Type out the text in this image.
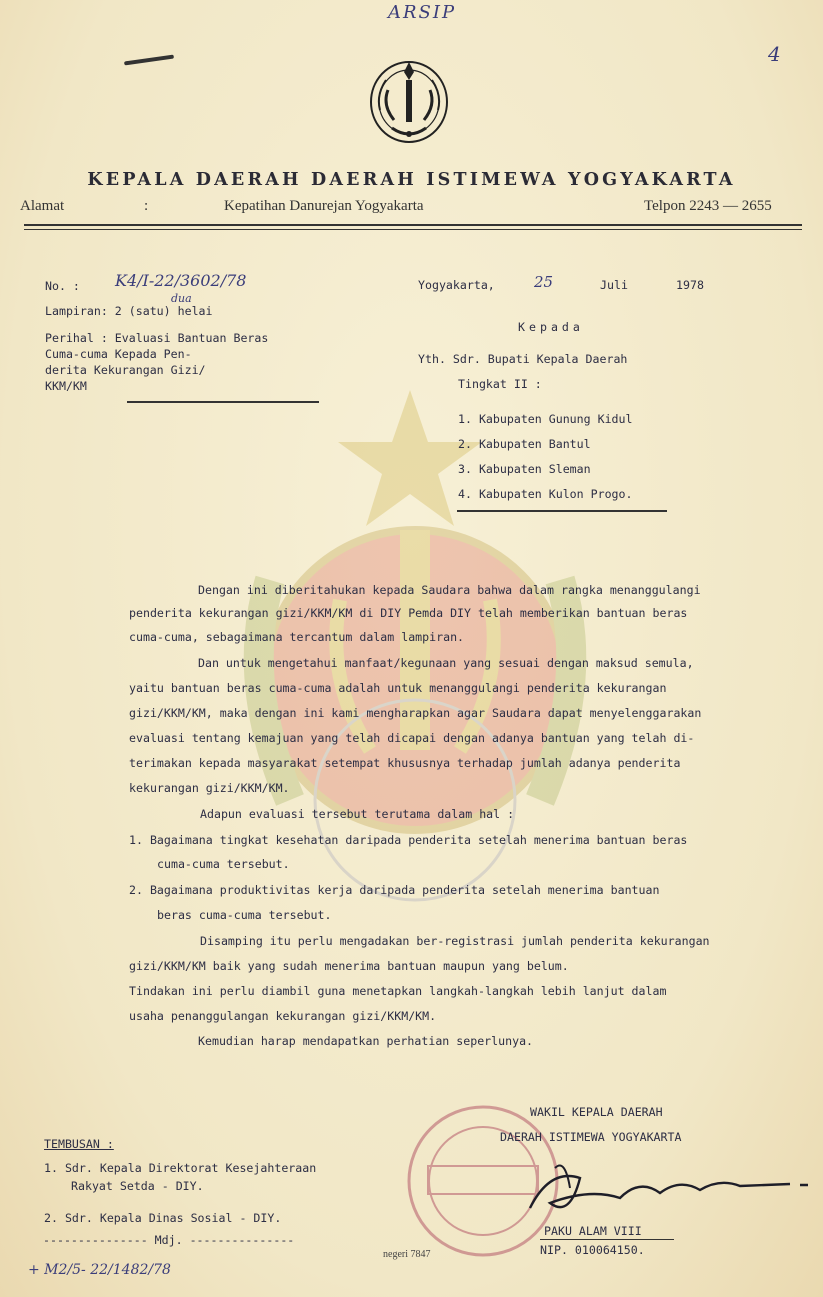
ARSIP
4
KEPALA DAERAH DAERAH ISTIMEWA YOGYAKARTA
Alamat	:	Kepatihan Danurejan Yogyakarta	Telpon 2243 — 2655
No. : K4/I-22/3602/78
Lampiran: 2 (satu) helai
dua
Perihal : Evaluasi Bantuan Beras
Cuma-cuma Kepada Pen-
derita Kekurangan Gizi/
KKM/KM
Yogyakarta,	25	Juli	1978
Kepada
Yth. Sdr. Bupati Kepala Daerah
Tingkat II :
1. Kabupaten Gunung Kidul
2. Kabupaten Bantul
3. Kabupaten Sleman
4. Kabupaten Kulon Progo.
Dengan ini diberitahukan kepada Saudara bahwa dalam rangka menanggulangi
penderita kekurangan gizi/KKM/KM di DIY Pemda DIY telah memberikan bantuan beras
cuma-cuma, sebagaimana tercantum dalam lampiran.
Dan untuk mengetahui manfaat/kegunaan yang sesuai dengan maksud semula,
yaitu bantuan beras cuma-cuma adalah untuk menanggulangi penderita kekurangan
gizi/KKM/KM, maka dengan ini kami mengharapkan agar Saudara dapat menyelenggarakan
evaluasi tentang kemajuan yang telah dicapai dengan adanya bantuan yang telah di-
terimakan kepada masyarakat setempat khususnya terhadap jumlah adanya penderita
kekurangan gizi/KKM/KM.
Adapun evaluasi tersebut terutama dalam hal :
1. Bagaimana tingkat kesehatan daripada penderita setelah menerima bantuan beras
cuma-cuma tersebut.
2. Bagaimana produktivitas kerja daripada penderita setelah menerima bantuan
beras cuma-cuma tersebut.
Disamping itu perlu mengadakan ber-registrasi jumlah penderita kekurangan
gizi/KKM/KM baik yang sudah menerima bantuan maupun yang belum.
Tindakan ini perlu diambil guna menetapkan langkah-langkah lebih lanjut dalam
usaha penanggulangan kekurangan gizi/KKM/KM.
Kemudian harap mendapatkan perhatian seperlunya.
WAKIL KEPALA DAERAH
DAERAH ISTIMEWA YOGYAKARTA
PAKU ALAM VIII
NIP. 010064150.
TEMBUSAN :
1. Sdr. Kepala Direktorat Kesejahteraan
Rakyat Setda - DIY.
2. Sdr. Kepala Dinas Sosial - DIY.
--------------- Mdj. ---------------
negeri 7847
+ M2/5- 22/1482/78
